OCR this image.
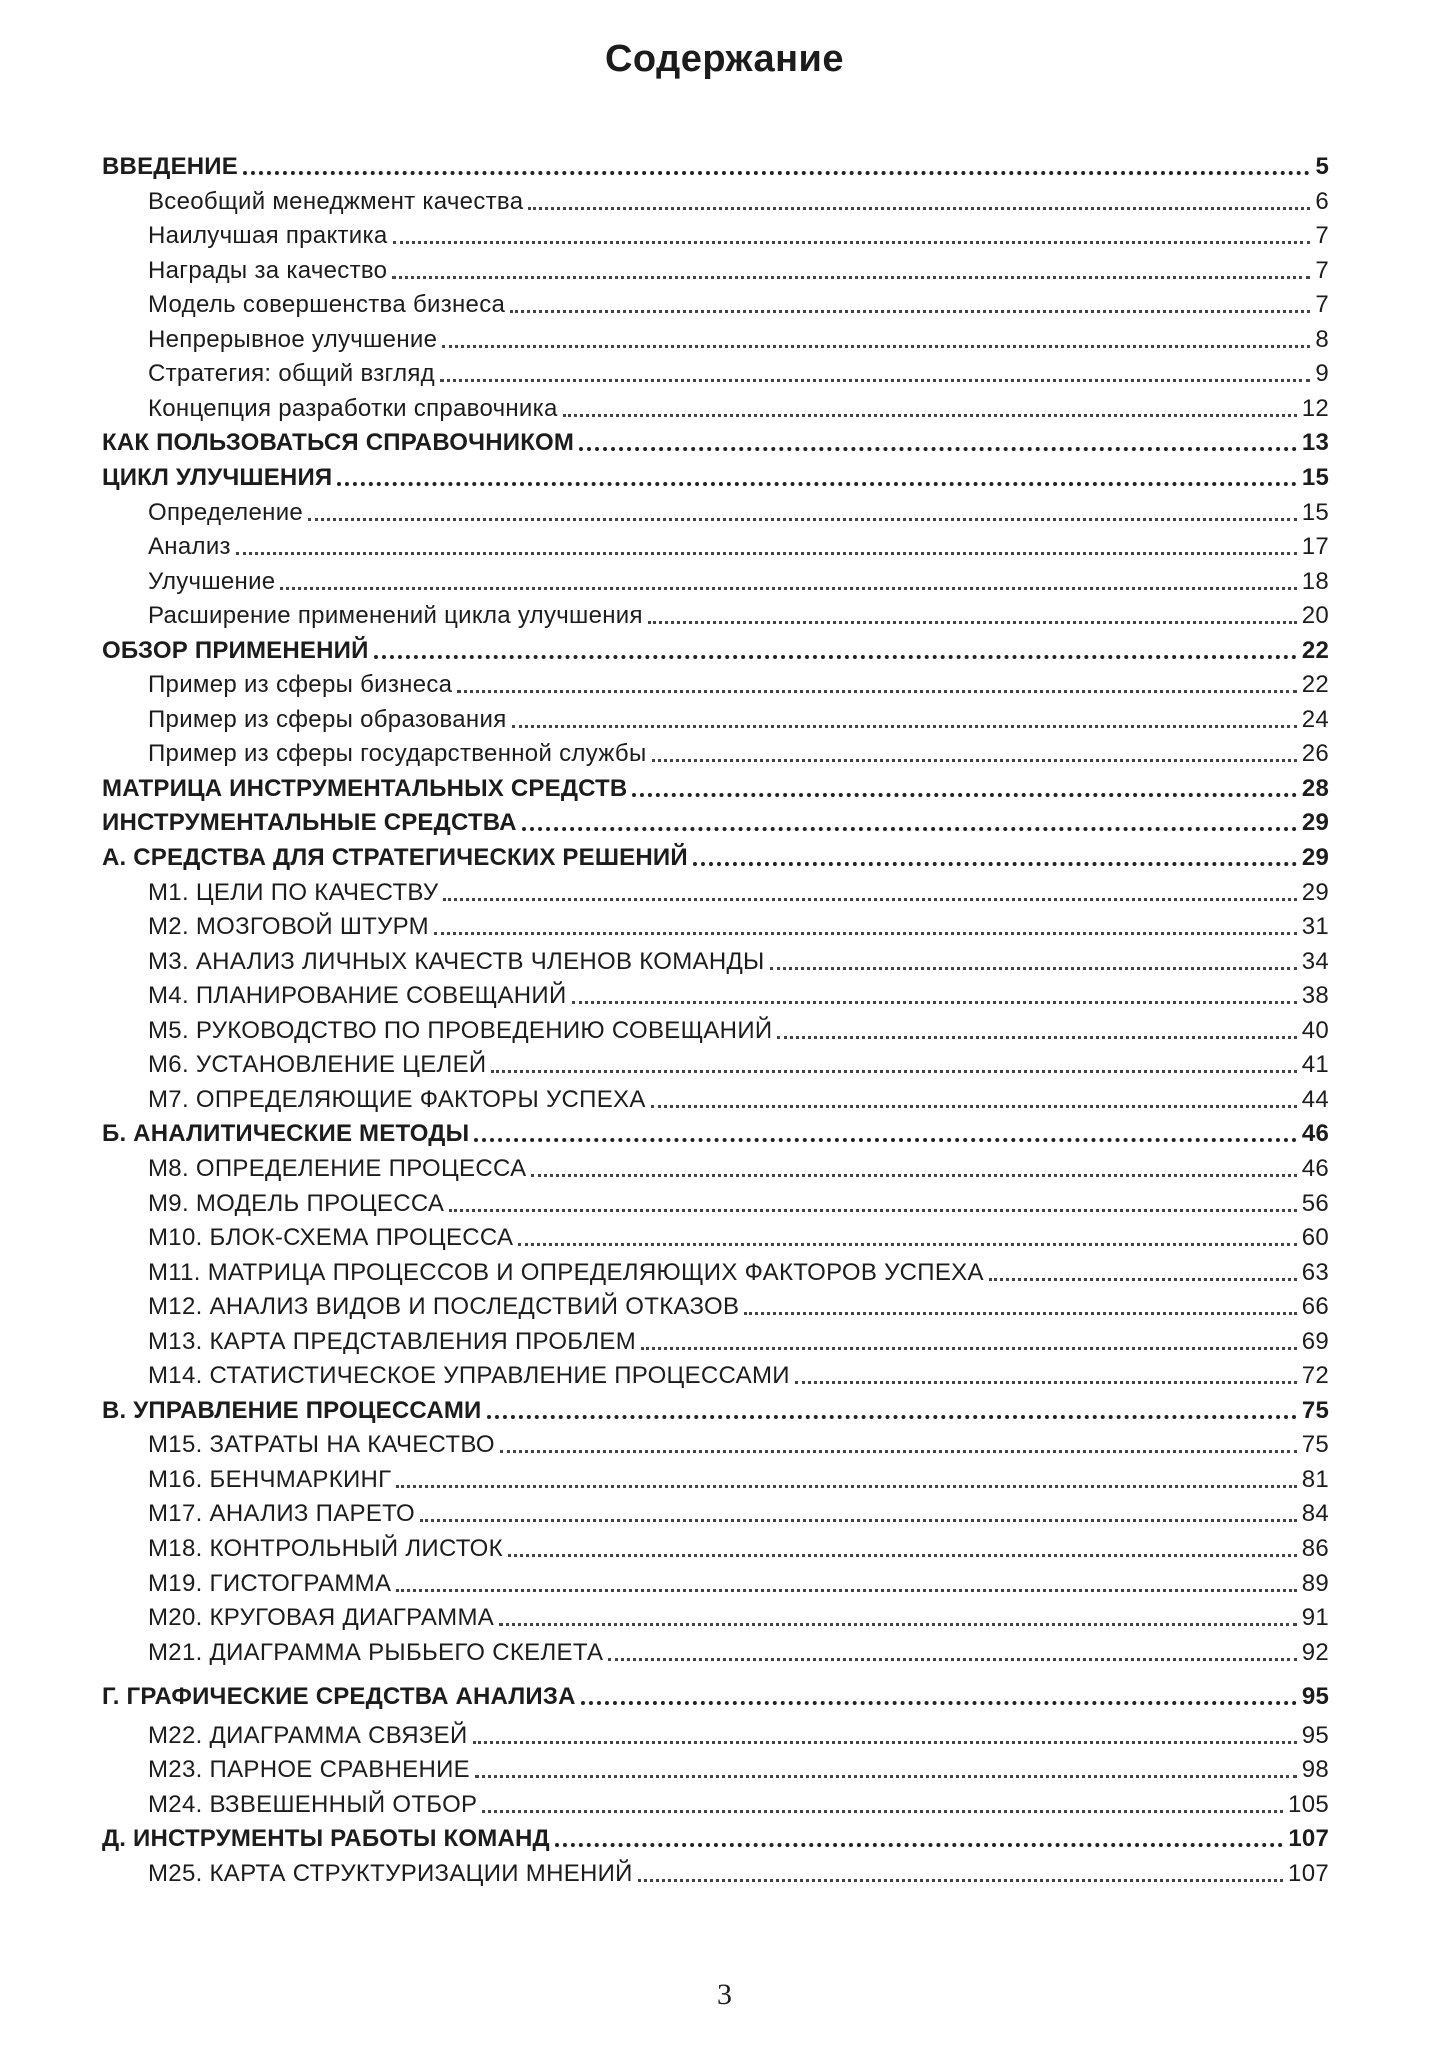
Содержание
ВВЕДЕНИЕ	5
Всеобщий менеджмент качества	6
Наилучшая практика	7
Награды за качество	7
Модель совершенства бизнеса	7
Непрерывное улучшение	8
Стратегия: общий взгляд	9
Концепция разработки справочника	12
КАК ПОЛЬЗОВАТЬСЯ СПРАВОЧНИКОМ	13
ЦИКЛ УЛУЧШЕНИЯ	15
Определение	15
Анализ	17
Улучшение	18
Расширение применений цикла улучшения	20
ОБЗОР ПРИМЕНЕНИЙ	22
Пример из сферы бизнеса	22
Пример из сферы образования	24
Пример из сферы государственной службы	26
МАТРИЦА ИНСТРУМЕНТАЛЬНЫХ СРЕДСТВ	28
ИНСТРУМЕНТАЛЬНЫЕ СРЕДСТВА	29
А. СРЕДСТВА ДЛЯ СТРАТЕГИЧЕСКИХ РЕШЕНИЙ	29
М1. ЦЕЛИ ПО КАЧЕСТВУ	29
М2. МОЗГОВОЙ ШТУРМ	31
М3. АНАЛИЗ ЛИЧНЫХ КАЧЕСТВ ЧЛЕНОВ КОМАНДЫ	34
М4. ПЛАНИРОВАНИЕ СОВЕЩАНИЙ	38
М5. РУКОВОДСТВО ПО ПРОВЕДЕНИЮ СОВЕЩАНИЙ	40
М6. УСТАНОВЛЕНИЕ ЦЕЛЕЙ	41
М7. ОПРЕДЕЛЯЮЩИЕ ФАКТОРЫ УСПЕХА	44
Б. АНАЛИТИЧЕСКИЕ МЕТОДЫ	46
М8. ОПРЕДЕЛЕНИЕ ПРОЦЕССА	46
М9. МОДЕЛЬ ПРОЦЕССА	56
М10. БЛОК-СХЕМА ПРОЦЕССА	60
М11. МАТРИЦА ПРОЦЕССОВ И ОПРЕДЕЛЯЮЩИХ ФАКТОРОВ УСПЕХА	63
М12. АНАЛИЗ ВИДОВ И ПОСЛЕДСТВИЙ ОТКАЗОВ	66
М13. КАРТА ПРЕДСТАВЛЕНИЯ ПРОБЛЕМ	69
М14. СТАТИСТИЧЕСКОЕ УПРАВЛЕНИЕ ПРОЦЕССАМИ	72
В. УПРАВЛЕНИЕ ПРОЦЕССАМИ	75
М15. ЗАТРАТЫ НА КАЧЕСТВО	75
М16. БЕНЧМАРКИНГ	81
М17. АНАЛИЗ ПАРЕТО	84
М18. КОНТРОЛЬНЫЙ ЛИСТОК	86
М19. ГИСТОГРАММА	89
М20. КРУГОВАЯ ДИАГРАММА	91
М21. ДИАГРАММА РЫБЬЕГО СКЕЛЕТА	92
Г. ГРАФИЧЕСКИЕ СРЕДСТВА АНАЛИЗА	95
М22. ДИАГРАММА СВЯЗЕЙ	95
М23. ПАРНОЕ СРАВНЕНИЕ	98
М24. ВЗВЕШЕННЫЙ ОТБОР	105
Д. ИНСТРУМЕНТЫ РАБОТЫ КОМАНД	107
М25. КАРТА СТРУКТУРИЗАЦИИ МНЕНИЙ	107
3
